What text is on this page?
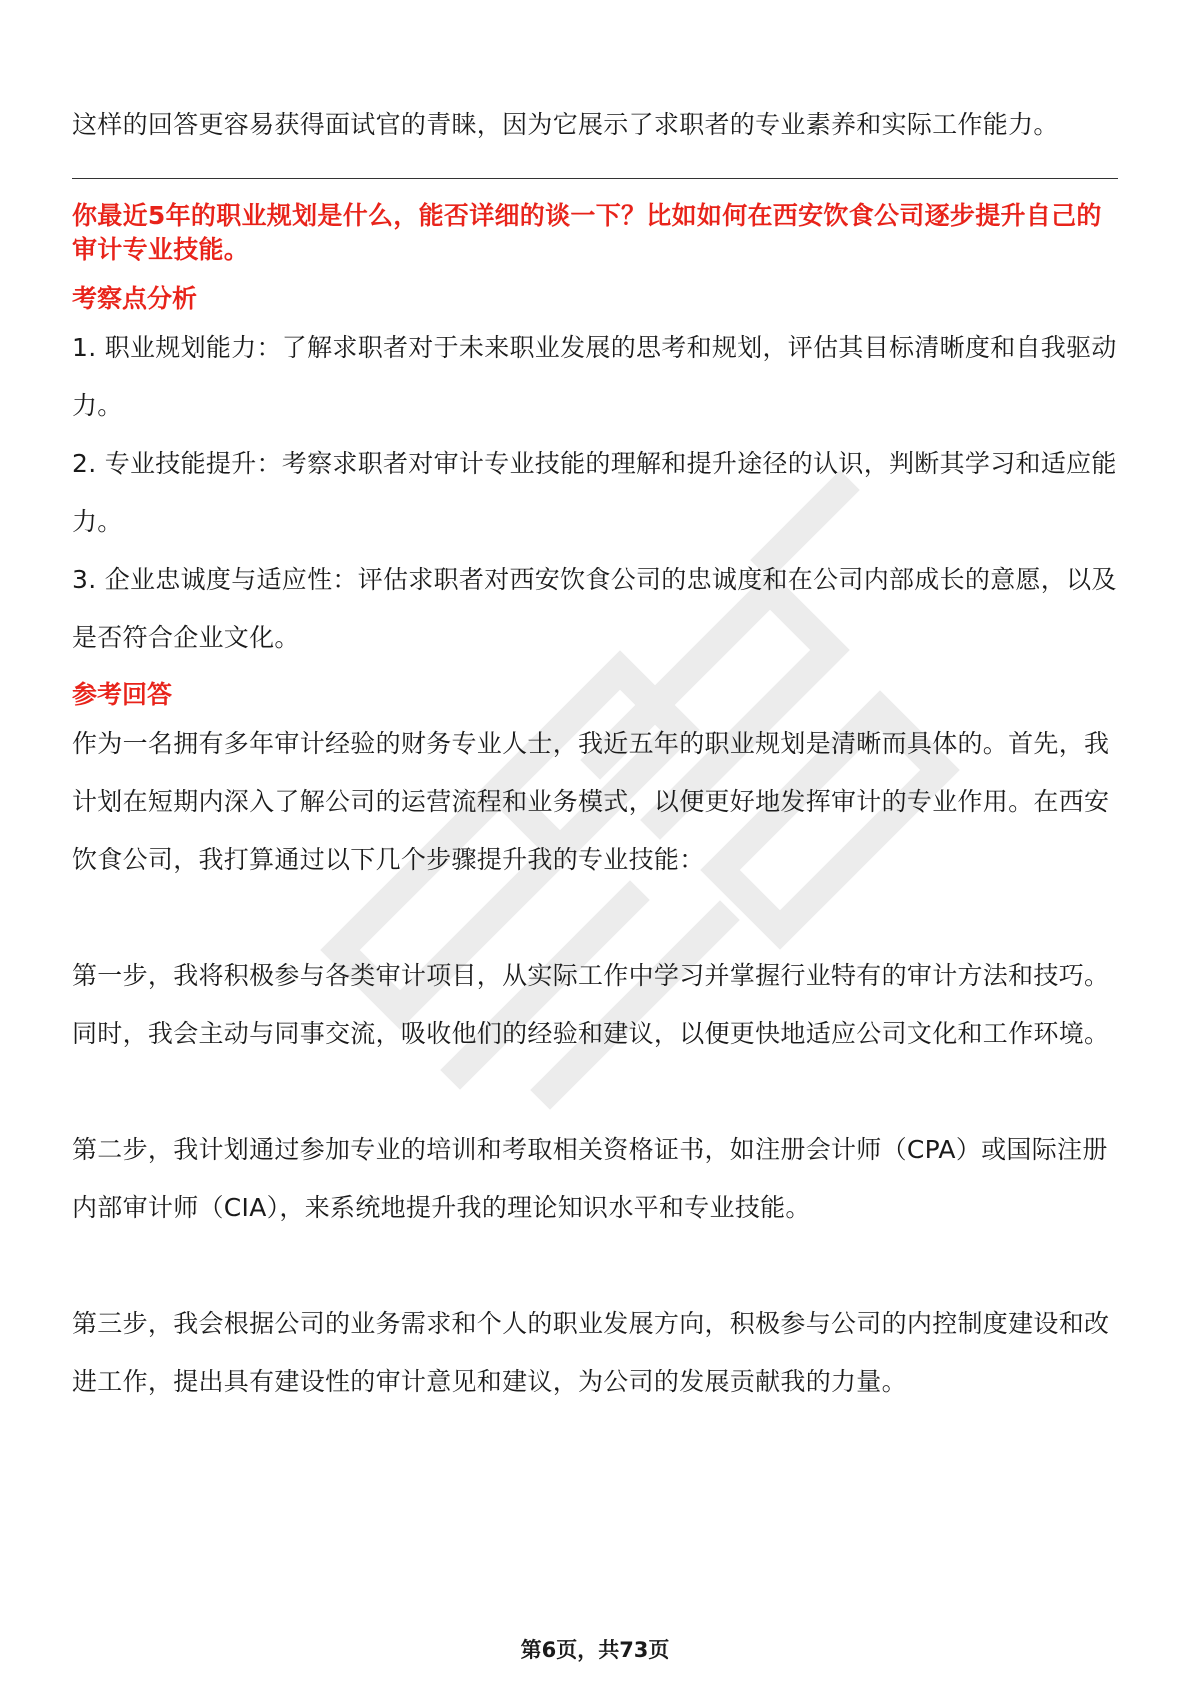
这样的回答更容易获得面试官的青睐，因为它展示了求职者的专业素养和实际工作能力。

你最近5年的职业规划是什么，能否详细的谈一下？比如如何在西安饮食公司逐步提升自己的审计专业技能。

考察点分析

1. 职业规划能力：了解求职者对于未来职业发展的思考和规划，评估其目标清晰度和自我驱动力。

2. 专业技能提升：考察求职者对审计专业技能的理解和提升途径的认识，判断其学习和适应能力。

3. 企业忠诚度与适应性：评估求职者对西安饮食公司的忠诚度和在公司内部成长的意愿，以及是否符合企业文化。

参考回答

作为一名拥有多年审计经验的财务专业人士，我近五年的职业规划是清晰而具体的。首先，我计划在短期内深入了解公司的运营流程和业务模式，以便更好地发挥审计的专业作用。在西安饮食公司，我打算通过以下几个步骤提升我的专业技能：

第一步，我将积极参与各类审计项目，从实际工作中学习并掌握行业特有的审计方法和技巧。同时，我会主动与同事交流，吸收他们的经验和建议，以便更快地适应公司文化和工作环境。

第二步，我计划通过参加专业的培训和考取相关资格证书，如注册会计师（CPA）或国际注册内部审计师（CIA），来系统地提升我的理论知识水平和专业技能。

第三步，我会根据公司的业务需求和个人的职业发展方向，积极参与公司的内控制度建设和改进工作，提出具有建设性的审计意见和建议，为公司的发展贡献我的力量。

第6页，共73页
